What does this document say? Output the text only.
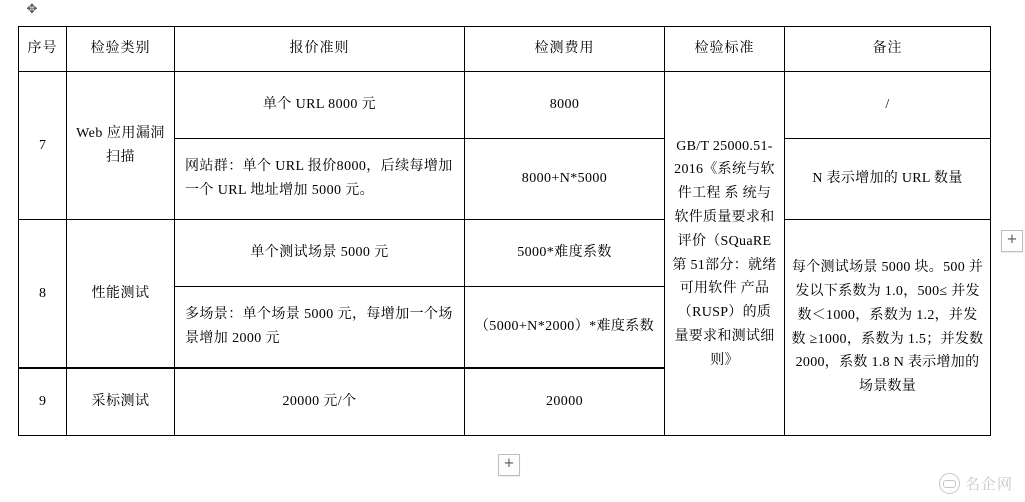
✥
序号	检验类别	报价准则	检测费用	检验标准	备注
7	Web 应用漏洞扫描	单个 URL 8000 元	8000	GB/T 25000.51-2016《系统与软件工程 系 统与软件质量要求和评价（SQuaRE第 51部分：就绪可用软件 产品（RUSP）的质量要求和测试细则》	/
		网站群：单个 URL 报价8000，后续每增加一个 URL 地址增加 5000 元。	8000+N*5000		N 表示增加的 URL 数量
8	性能测试	单个测试场景 5000 元	5000*难度系数		每个测试场景 5000 块。500 并发以下系数为 1.0，500≤ 并发数＜1000，系数为 1.2，并发数 ≥1000，系数为 1.5；并发数2000，系数 1.8 N 表示增加的场景数量
		多场景：单个场景 5000 元，每增加一个场景增加 2000 元	（5000+N*2000）*难度系数		

9	采标测试	20000 元/个	20000		
+
+
名企网
